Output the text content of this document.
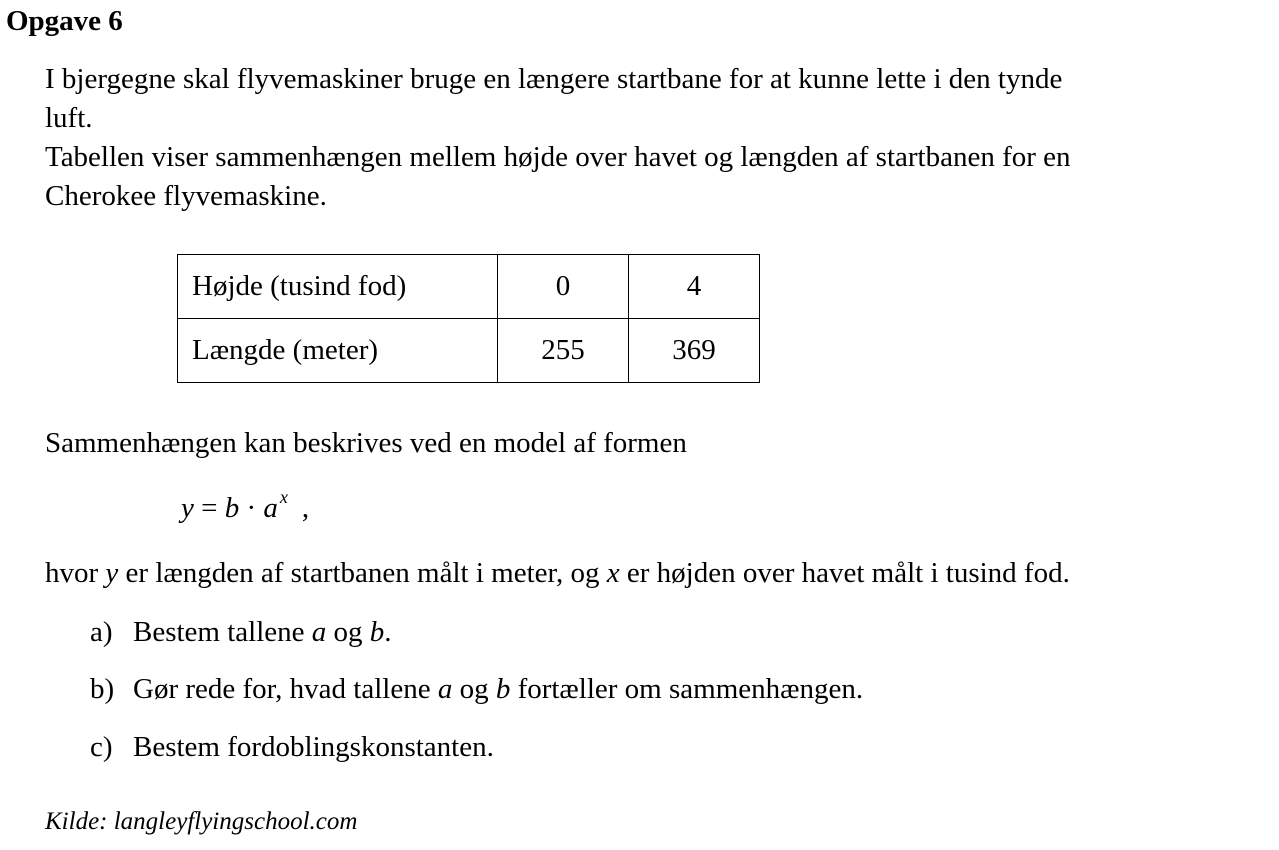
Opgave 6
I bjergegne skal flyvemaskiner bruge en længere startbane for at kunne lette i den tynde
luft.
Tabellen viser sammenhængen mellem højde over havet og længden af startbanen for en
Cherokee flyvemaskine.
Højde (tusind fod)	0	4
Længde (meter)	255	369
Sammenhængen kan beskrives ved en model af formen
y = b · a $^x$ ,
hvor y er længden af startbanen målt i meter, og x er højden over havet målt i tusind fod.
a) Bestem tallene a og b.
b) Gør rede for, hvad tallene a og b fortæller om sammenhængen.
c) Bestem fordoblingskonstanten.
Kilde: langleyflyingschool.com
